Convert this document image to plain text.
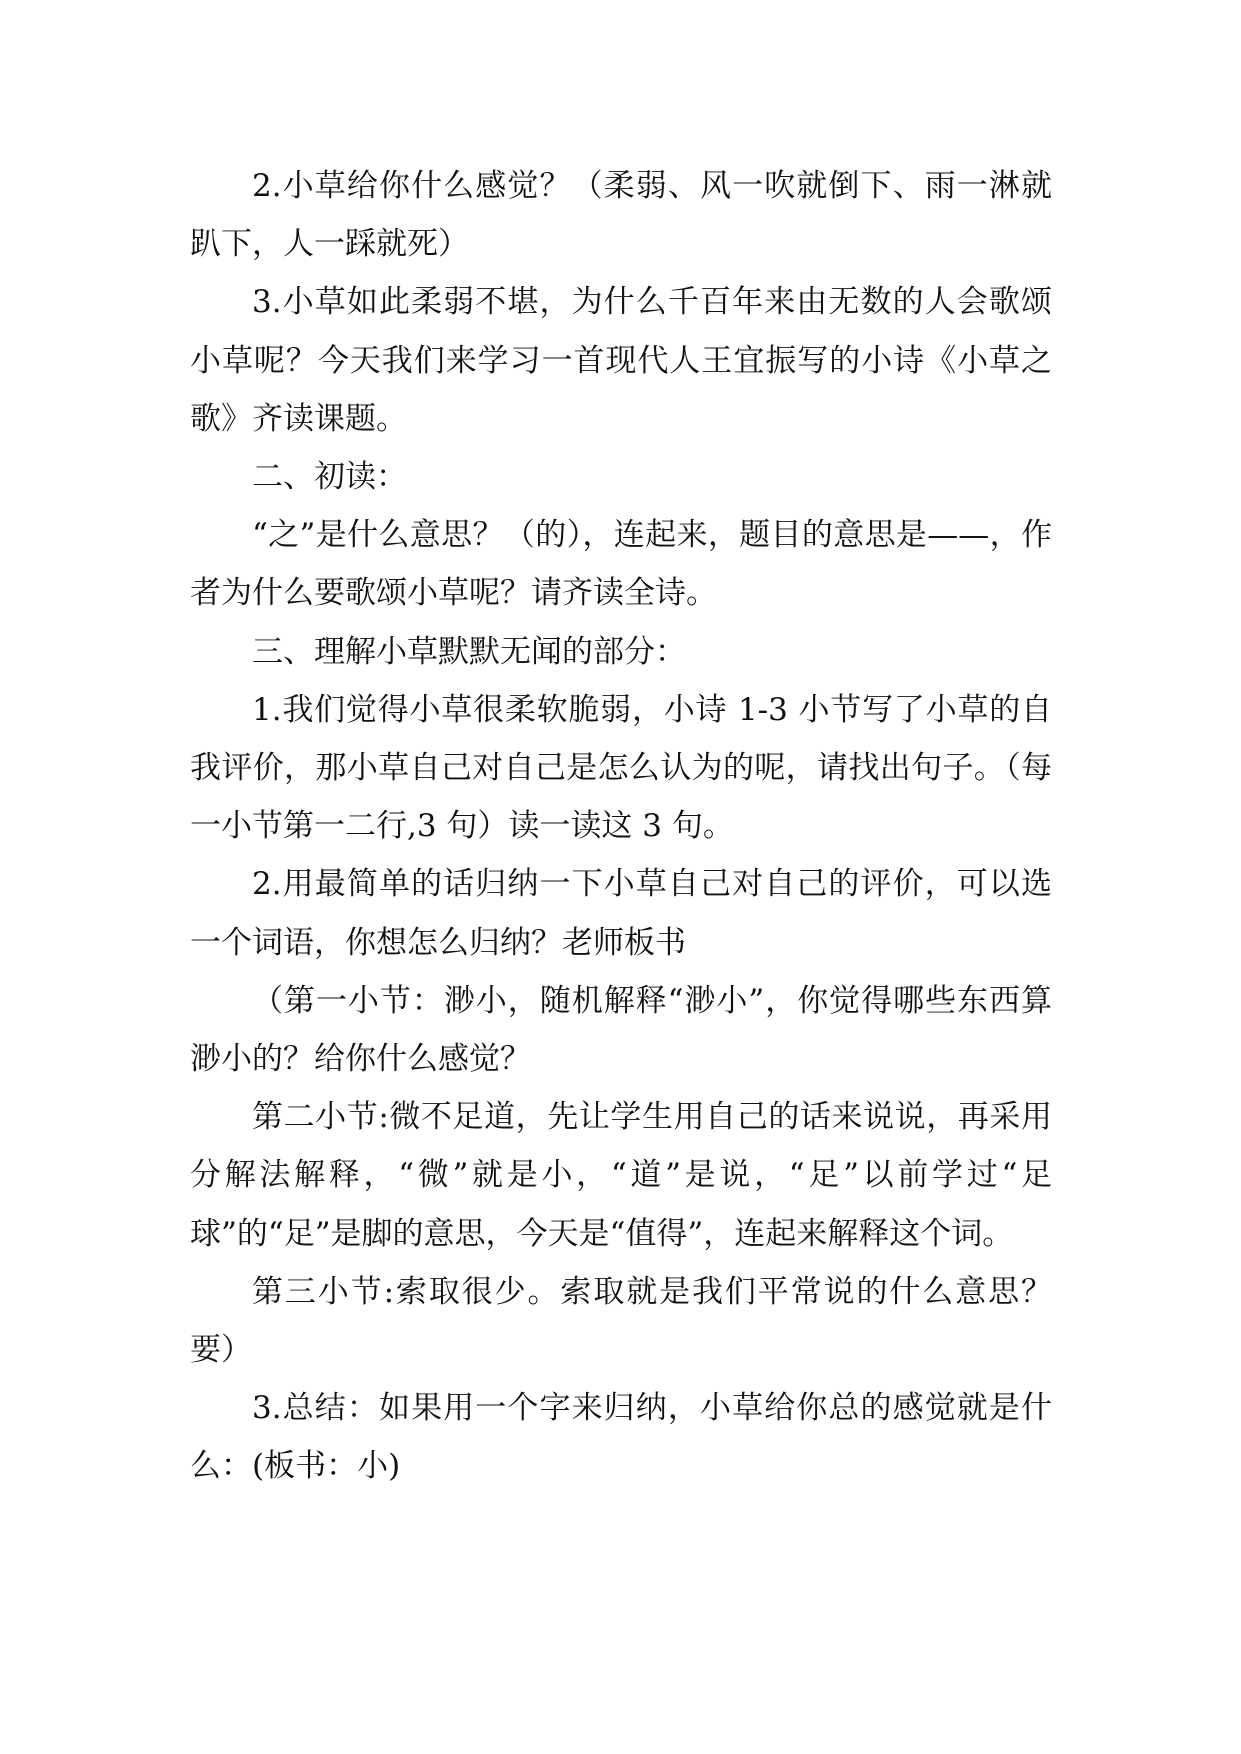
2.小草给你什么感觉？（柔弱、风一吹就倒下、雨一淋就趴下，人一踩就死）

3.小草如此柔弱不堪，为什么千百年来由无数的人会歌颂小草呢？今天我们来学习一首现代人王宜振写的小诗《小草之歌》齐读课题。

二、初读：

“之”是什么意思？（的），连起来，题目的意思是——，作者为什么要歌颂小草呢？请齐读全诗。

三、理解小草默默无闻的部分：

1.我们觉得小草很柔软脆弱，小诗 1-3 小节写了小草的自我评价，那小草自己对自己是怎么认为的呢，请找出句子。（每一小节第一二行,3 句）读一读这 3 句。

2.用最简单的话归纳一下小草自己对自己的评价，可以选一个词语，你想怎么归纳？老师板书

（第一小节：渺小，随机解释“渺小”，你觉得哪些东西算渺小的？给你什么感觉？

第二小节:微不足道，先让学生用自己的话来说说，再采用分解法解释，“微”就是小，“道”是说，“足”以前学过“足球”的“足”是脚的意思，今天是“值得”，连起来解释这个词。

第三小节:索取很少。索取就是我们平常说的什么意思？要）

3.总结：如果用一个字来归纳，小草给你总的感觉就是什么：(板书：小)
